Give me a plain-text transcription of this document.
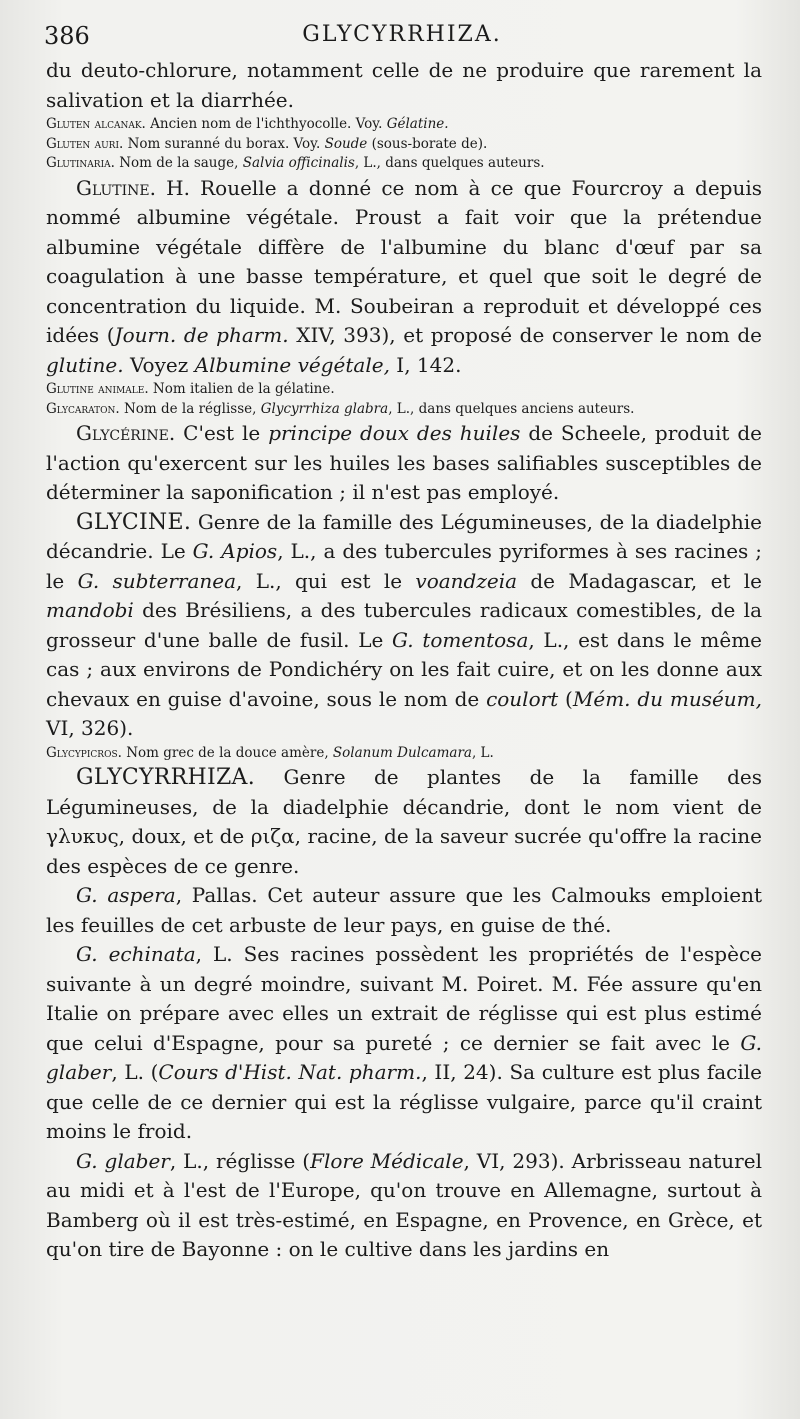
386	GLYCYRRHIZA.

du deuto-chlorure, notamment celle de ne produire que rarement la salivation et la diarrhée.

Gluten alcanak. Ancien nom de l'ichthyocolle. Voy. Gélatine.

Gluten auri. Nom suranné du borax. Voy. Soude (sous-borate de).

Glutinaria. Nom de la sauge, Salvia officinalis, L., dans quelques auteurs.

Glutine. H. Rouelle a donné ce nom à ce que Fourcroy a depuis nommé albumine végétale. Proust a fait voir que la prétendue albumine végétale diffère de l'albumine du blanc d'œuf par sa coagulation à une basse température, et quel que soit le degré de concentration du liquide. M. Soubeiran a reproduit et développé ces idées (Journ. de pharm. XIV, 393), et proposé de conserver le nom de glutine. Voyez Albumine végétale, I, 142.

Glutine animale. Nom italien de la gélatine.

Glycaraton. Nom de la réglisse, Glycyrrhiza glabra, L., dans quelques anciens auteurs.

Glycérine. C'est le principe doux des huiles de Scheele, produit de l'action qu'exercent sur les huiles les bases salifiables susceptibles de déterminer la saponification ; il n'est pas employé.

GLYCINE. Genre de la famille des Légumineuses, de la diadelphie décandrie. Le G. Apios, L., a des tubercules pyriformes à ses racines ; le G. subterranea, L., qui est le voandzeia de Madagascar, et le mandobi des Brésiliens, a des tubercules radicaux comestibles, de la grosseur d'une balle de fusil. Le G. tomentosa, L., est dans le même cas ; aux environs de Pondichéry on les fait cuire, et on les donne aux chevaux en guise d'avoine, sous le nom de coulort (Mém. du muséum, VI, 326).

Glycypicros. Nom grec de la douce amère, Solanum Dulcamara, L.

GLYCYRRHIZA. Genre de plantes de la famille des Légumineuses, de la diadelphie décandrie, dont le nom vient de γλυκυς, doux, et de ριζα, racine, de la saveur sucrée qu'offre la racine des espèces de ce genre.

G. aspera, Pallas. Cet auteur assure que les Calmouks emploient les feuilles de cet arbuste de leur pays, en guise de thé.

G. echinata, L. Ses racines possèdent les propriétés de l'espèce suivante à un degré moindre, suivant M. Poiret. M. Fée assure qu'en Italie on prépare avec elles un extrait de réglisse qui est plus estimé que celui d'Espagne, pour sa pureté ; ce dernier se fait avec le G. glaber, L. (Cours d'Hist. Nat. pharm., II, 24). Sa culture est plus facile que celle de ce dernier qui est la réglisse vulgaire, parce qu'il craint moins le froid.

G. glaber, L., réglisse (Flore Médicale, VI, 293). Arbrisseau naturel au midi et à l'est de l'Europe, qu'on trouve en Allemagne, surtout à Bamberg où il est très-estimé, en Espagne, en Provence, en Grèce, et qu'on tire de Bayonne : on le cultive dans les jardins en
